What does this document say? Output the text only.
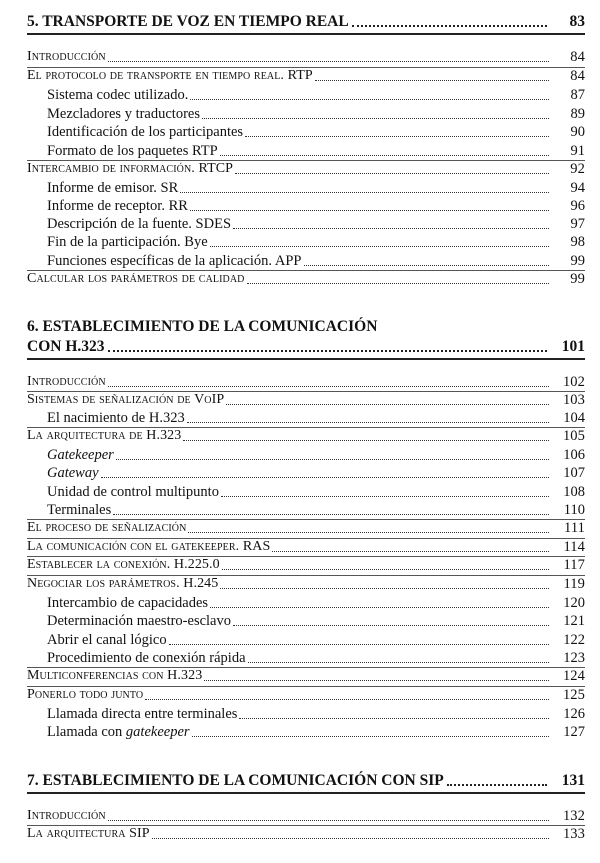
5. TRANSPORTE DE VOZ EN TIEMPO REAL	83
Introducción	84
El protocolo de transporte en tiempo real. RTP	84
Sistema codec utilizado.	87
Mezcladores y traductores	89
Identificación de los participantes	90
Formato de los paquetes RTP	91
Intercambio de información. RTCP	92
Informe de emisor. SR	94
Informe de receptor. RR	96
Descripción de la fuente. SDES	97
Fin de la participación. Bye	98
Funciones específicas de la aplicación. APP	99
Calcular los parámetros de calidad	99
6. ESTABLECIMIENTO DE LA COMUNICACIÓN
CON H.323	101
Introducción	102
Sistemas de señalización de VoIP	103
El nacimiento de H.323	104
La arquitectura de H.323	105
Gatekeeper	106
Gateway	107
Unidad de control multipunto	108
Terminales	110
El proceso de señalización	111
La comunicación con el gatekeeper. RAS	114
Establecer la conexión. H.225.0	117
Negociar los parámetros. H.245	119
Intercambio de capacidades	120
Determinación maestro-esclavo	121
Abrir el canal lógico	122
Procedimiento de conexión rápida	123
Multiconferencias con H.323	124
Ponerlo todo junto	125
Llamada directa entre terminales	126
Llamada con gatekeeper	127
7. ESTABLECIMIENTO DE LA COMUNICACIÓN CON SIP	131
Introducción	132
La arquitectura SIP	133
